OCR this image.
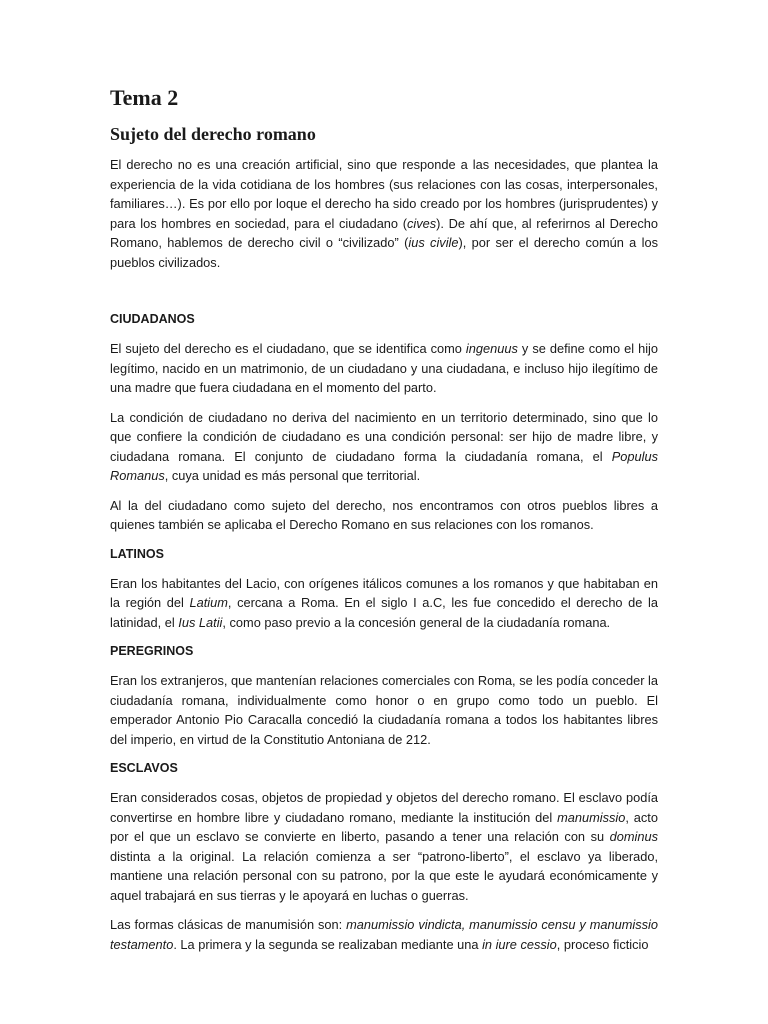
Tema 2
Sujeto del derecho romano

El derecho no es una creación artificial, sino que responde a las necesidades, que plantea la experiencia de la vida cotidiana de los hombres (sus relaciones con las cosas, interpersonales, familiares…). Es por ello por loque el derecho ha sido creado por los hombres (jurisprudentes) y para los hombres en sociedad, para el ciudadano (cives). De ahí que, al referirnos al Derecho Romano, hablemos de derecho civil o “civilizado” (ius civile), por ser el derecho común a los pueblos civilizados.

CIUDADANOS

El sujeto del derecho es el ciudadano, que se identifica como ingenuus y se define como el hijo legítimo, nacido en un matrimonio, de un ciudadano y una ciudadana, e incluso hijo ilegítimo de una madre que fuera ciudadana en el momento del parto.

La condición de ciudadano no deriva del nacimiento en un territorio determinado, sino que lo que confiere la condición de ciudadano es una condición personal: ser hijo de madre libre, y ciudadana romana. El conjunto de ciudadano forma la ciudadanía romana, el Populus Romanus, cuya unidad es más personal que territorial.

Al la del ciudadano como sujeto del derecho, nos encontramos con otros pueblos libres a quienes también se aplicaba el Derecho Romano en sus relaciones con los romanos.

LATINOS

Eran los habitantes del Lacio, con orígenes itálicos comunes a los romanos y que habitaban en la región del Latium, cercana a Roma. En el siglo I a.C, les fue concedido el derecho de la latinidad, el Ius Latii, como paso previo a la concesión general de la ciudadanía romana.

PEREGRINOS

Eran los extranjeros, que mantenían relaciones comerciales con Roma, se les podía conceder la ciudadanía romana, individualmente como honor o en grupo como todo un pueblo. El emperador Antonio Pio Caracalla concedió la ciudadanía romana a todos los habitantes libres del imperio, en virtud de la Constitutio Antoniana de 212.

ESCLAVOS

Eran considerados cosas, objetos de propiedad y objetos del derecho romano. El esclavo podía convertirse en hombre libre y ciudadano romano, mediante la institución del manumissio, acto por el que un esclavo se convierte en liberto, pasando a tener una relación con su dominus distinta a la original. La relación comienza a ser “patrono-liberto”, el esclavo ya liberado, mantiene una relación personal con su patrono, por la que este le ayudará económicamente y aquel trabajará en sus tierras y le apoyará en luchas o guerras.

Las formas clásicas de manumisión son: manumissio vindicta, manumissio censu y manumissio testamento. La primera y la segunda se realizaban mediante una in iure cessio, proceso ficticio
